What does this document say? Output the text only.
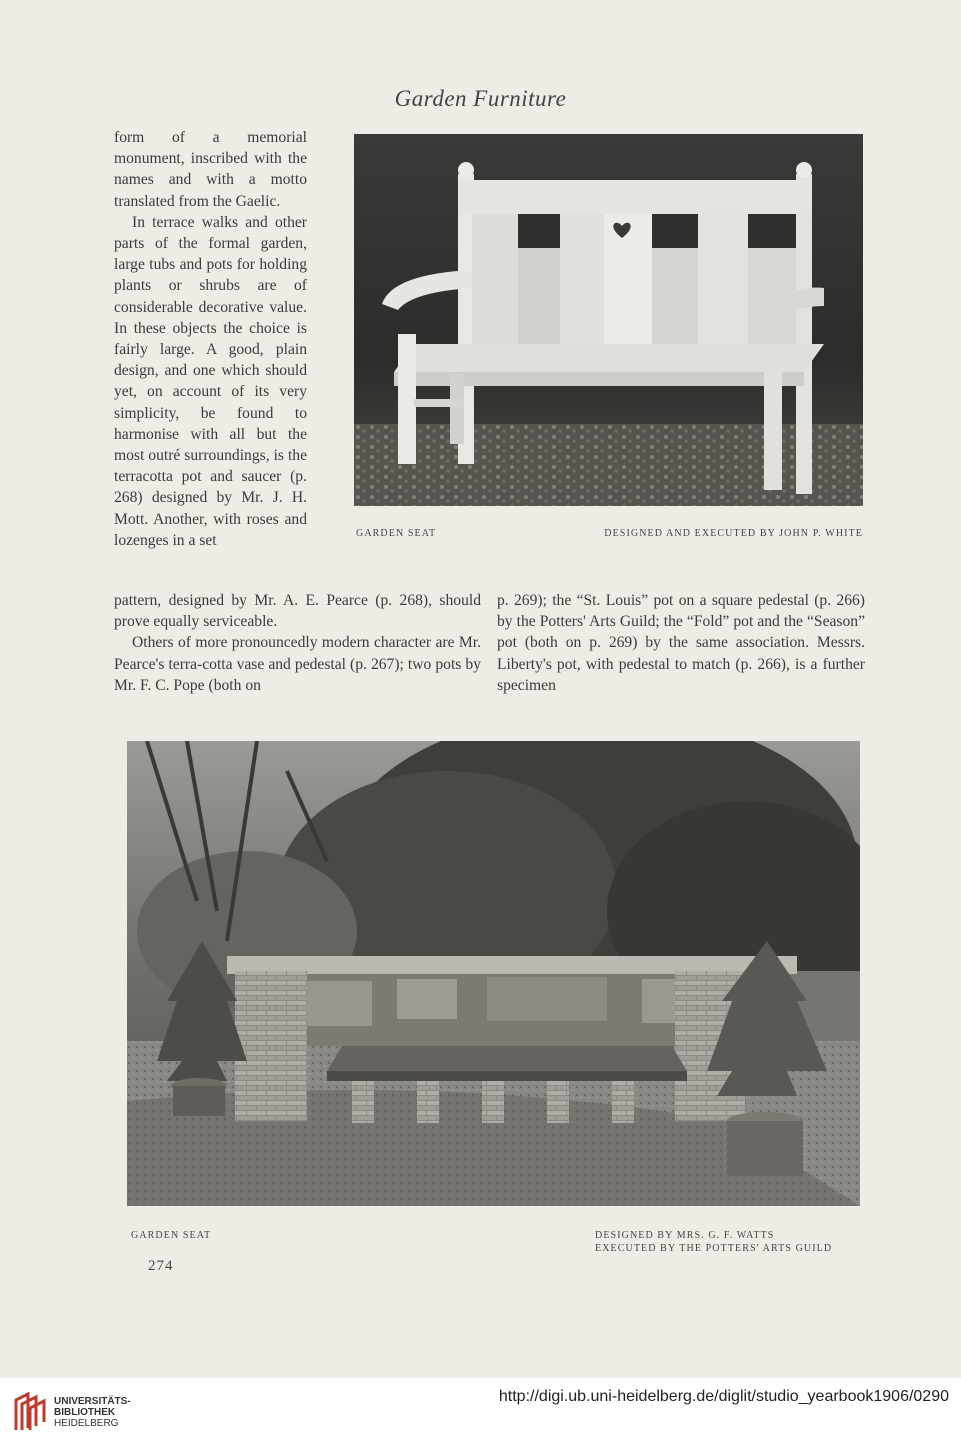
Garden Furniture

form of a memorial monument, inscribed with the names and with a motto translated from the Gaelic.

In terrace walks and other parts of the formal garden, large tubs and pots for holding plants or shrubs are of considerable decorative value. In these objects the choice is fairly large. A good, plain design, and one which should yet, on account of its very simplicity, be found to harmonise with all but the most outré surroundings, is the terracotta pot and saucer (p. 268) designed by Mr. J. H. Mott. Another, with roses and lozenges in a set	GARDEN SEAT	DESIGNED AND EXECUTED BY JOHN P. WHITE

pattern, designed by Mr. A. E. Pearce (p. 268), should prove equally serviceable.

Others of more pronouncedly modern character are Mr. Pearce's terra-cotta vase and pedestal (p. 267); two pots by Mr. F. C. Pope (both on

p. 269); the “St. Louis” pot on a square pedestal (p. 266) by the Potters' Arts Guild; the “Fold” pot and the “Season” pot (both on p. 269) by the same association. Messrs. Liberty's pot, with pedestal to match (p. 266), is a further specimen

GARDEN SEAT	DESIGNED BY MRS. G. F. WATTS
EXECUTED BY THE POTTERS' ARTS GUILD
274
UNIVERSITÄTS-
BIBLIOTHEK
HEIDELBERG
http://digi.ub.uni-heidelberg.de/diglit/studio_yearbook1906/0290
